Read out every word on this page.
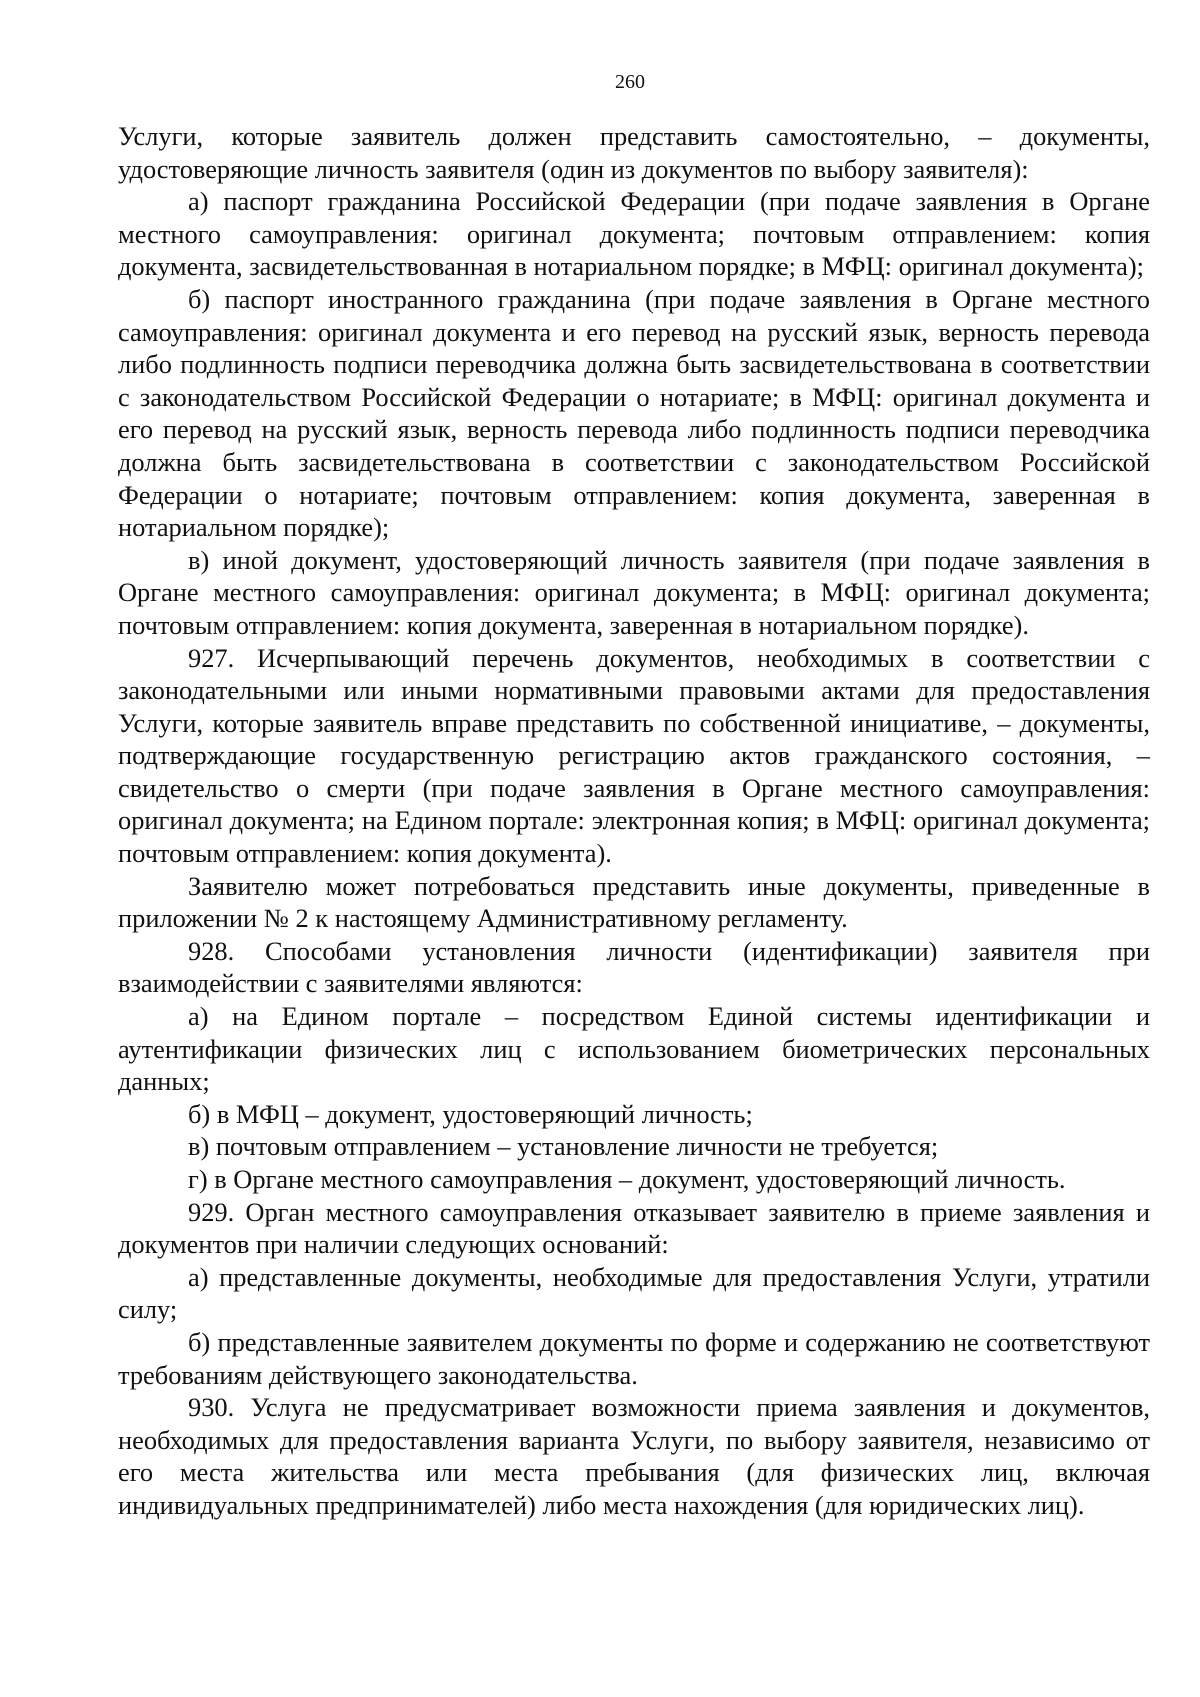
260

Услуги, которые заявитель должен представить самостоятельно, – документы, удостоверяющие личность заявителя (один из документов по выбору заявителя):

а) паспорт гражданина Российской Федерации (при подаче заявления в Органе местного самоуправления: оригинал документа; почтовым отправлением: копия документа, засвидетельствованная в нотариальном порядке; в МФЦ: оригинал документа);

б) паспорт иностранного гражданина (при подаче заявления в Органе местного самоуправления: оригинал документа и его перевод на русский язык, верность перевода либо подлинность подписи переводчика должна быть засвидетельствована в соответствии с законодательством Российской Федерации о нотариате; в МФЦ: оригинал документа и его перевод на русский язык, верность перевода либо подлинность подписи переводчика должна быть засвидетельствована в соответствии с законодательством Российской Федерации о нотариате; почтовым отправлением: копия документа, заверенная в нотариальном порядке);

в) иной документ, удостоверяющий личность заявителя (при подаче заявления в Органе местного самоуправления: оригинал документа; в МФЦ: оригинал документа; почтовым отправлением: копия документа, заверенная в нотариальном порядке).

927. Исчерпывающий перечень документов, необходимых в соответствии с законодательными или иными нормативными правовыми актами для предоставления Услуги, которые заявитель вправе представить по собственной инициативе, – документы, подтверждающие государственную регистрацию актов гражданского состояния, – свидетельство о смерти (при подаче заявления в Органе местного самоуправления: оригинал документа; на Едином портале: электронная копия; в МФЦ: оригинал документа; почтовым отправлением: копия документа).

Заявителю может потребоваться представить иные документы, приведенные в приложении № 2 к настоящему Административному регламенту.

928. Способами установления личности (идентификации) заявителя при взаимодействии с заявителями являются:

а) на Едином портале – посредством Единой системы идентификации и аутентификации физических лиц с использованием биометрических персональных данных;

б) в МФЦ – документ, удостоверяющий личность;

в) почтовым отправлением – установление личности не требуется;

г) в Органе местного самоуправления – документ, удостоверяющий личность.

929. Орган местного самоуправления отказывает заявителю в приеме заявления и документов при наличии следующих оснований:

а) представленные документы, необходимые для предоставления Услуги, утратили силу;

б) представленные заявителем документы по форме и содержанию не соответствуют требованиям действующего законодательства.

930. Услуга не предусматривает возможности приема заявления и документов, необходимых для предоставления варианта Услуги, по выбору заявителя, независимо от его места жительства или места пребывания (для физических лиц, включая индивидуальных предпринимателей) либо места нахождения (для юридических лиц).
